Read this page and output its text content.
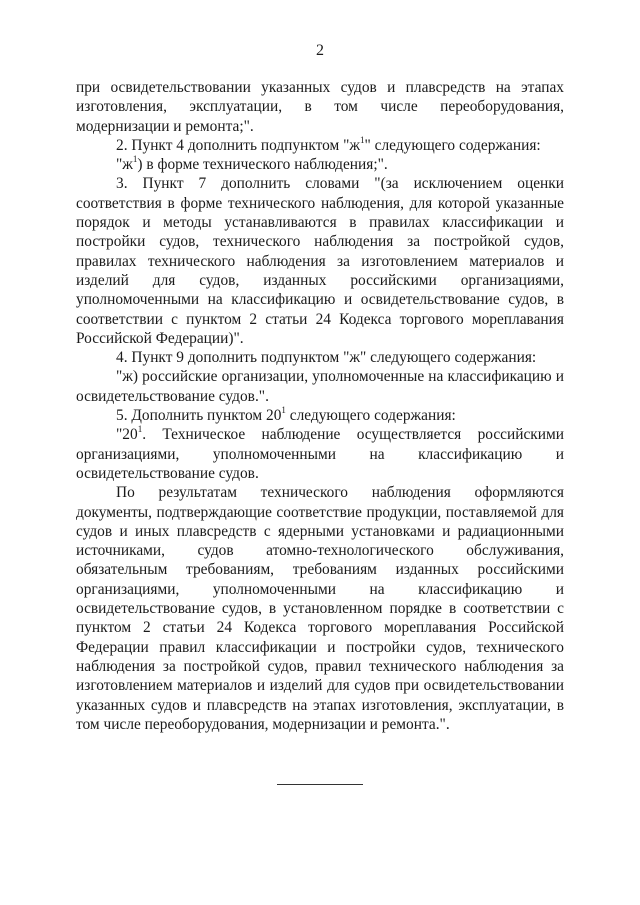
2

при освидетельствовании указанных судов и плавсредств на этапах изготовления, эксплуатации, в том числе переоборудования, модернизации и ремонта;".

2. Пункт 4 дополнить подпунктом "$ж^1$" следующего содержания:

"$ж^1$) в форме технического наблюдения;".

3. Пункт 7 дополнить словами "(за исключением оценки соответствия в форме технического наблюдения, для которой указанные порядок и методы устанавливаются в правилах классификации и постройки судов, технического наблюдения за постройкой судов, правилах технического наблюдения за изготовлением материалов и изделий для судов, изданных российскими организациями, уполномоченными на классификацию и освидетельствование судов, в соответствии с пунктом 2 статьи 24 Кодекса торгового мореплавания Российской Федерации)".

4. Пункт 9 дополнить подпунктом "ж" следующего содержания:

"ж) российские организации, уполномоченные на классификацию и освидетельствование судов.".

5. Дополнить пунктом $20^1$ следующего содержания:

"$20^1$. Техническое наблюдение осуществляется российскими организациями, уполномоченными на классификацию и освидетельствование судов.

По результатам технического наблюдения оформляются документы, подтверждающие соответствие продукции, поставляемой для судов и иных плавсредств с ядерными установками и радиационными источниками, судов атомно-технологического обслуживания, обязательным требованиям, требованиям изданных российскими организациями, уполномоченными на классификацию и освидетельствование судов, в установленном порядке в соответствии с пунктом 2 статьи 24 Кодекса торгового мореплавания Российской Федерации правил классификации и постройки судов, технического наблюдения за постройкой судов, правил технического наблюдения за изготовлением материалов и изделий для судов при освидетельствовании указанных судов и плавсредств на этапах изготовления, эксплуатации, в том числе переоборудования, модернизации и ремонта.".
